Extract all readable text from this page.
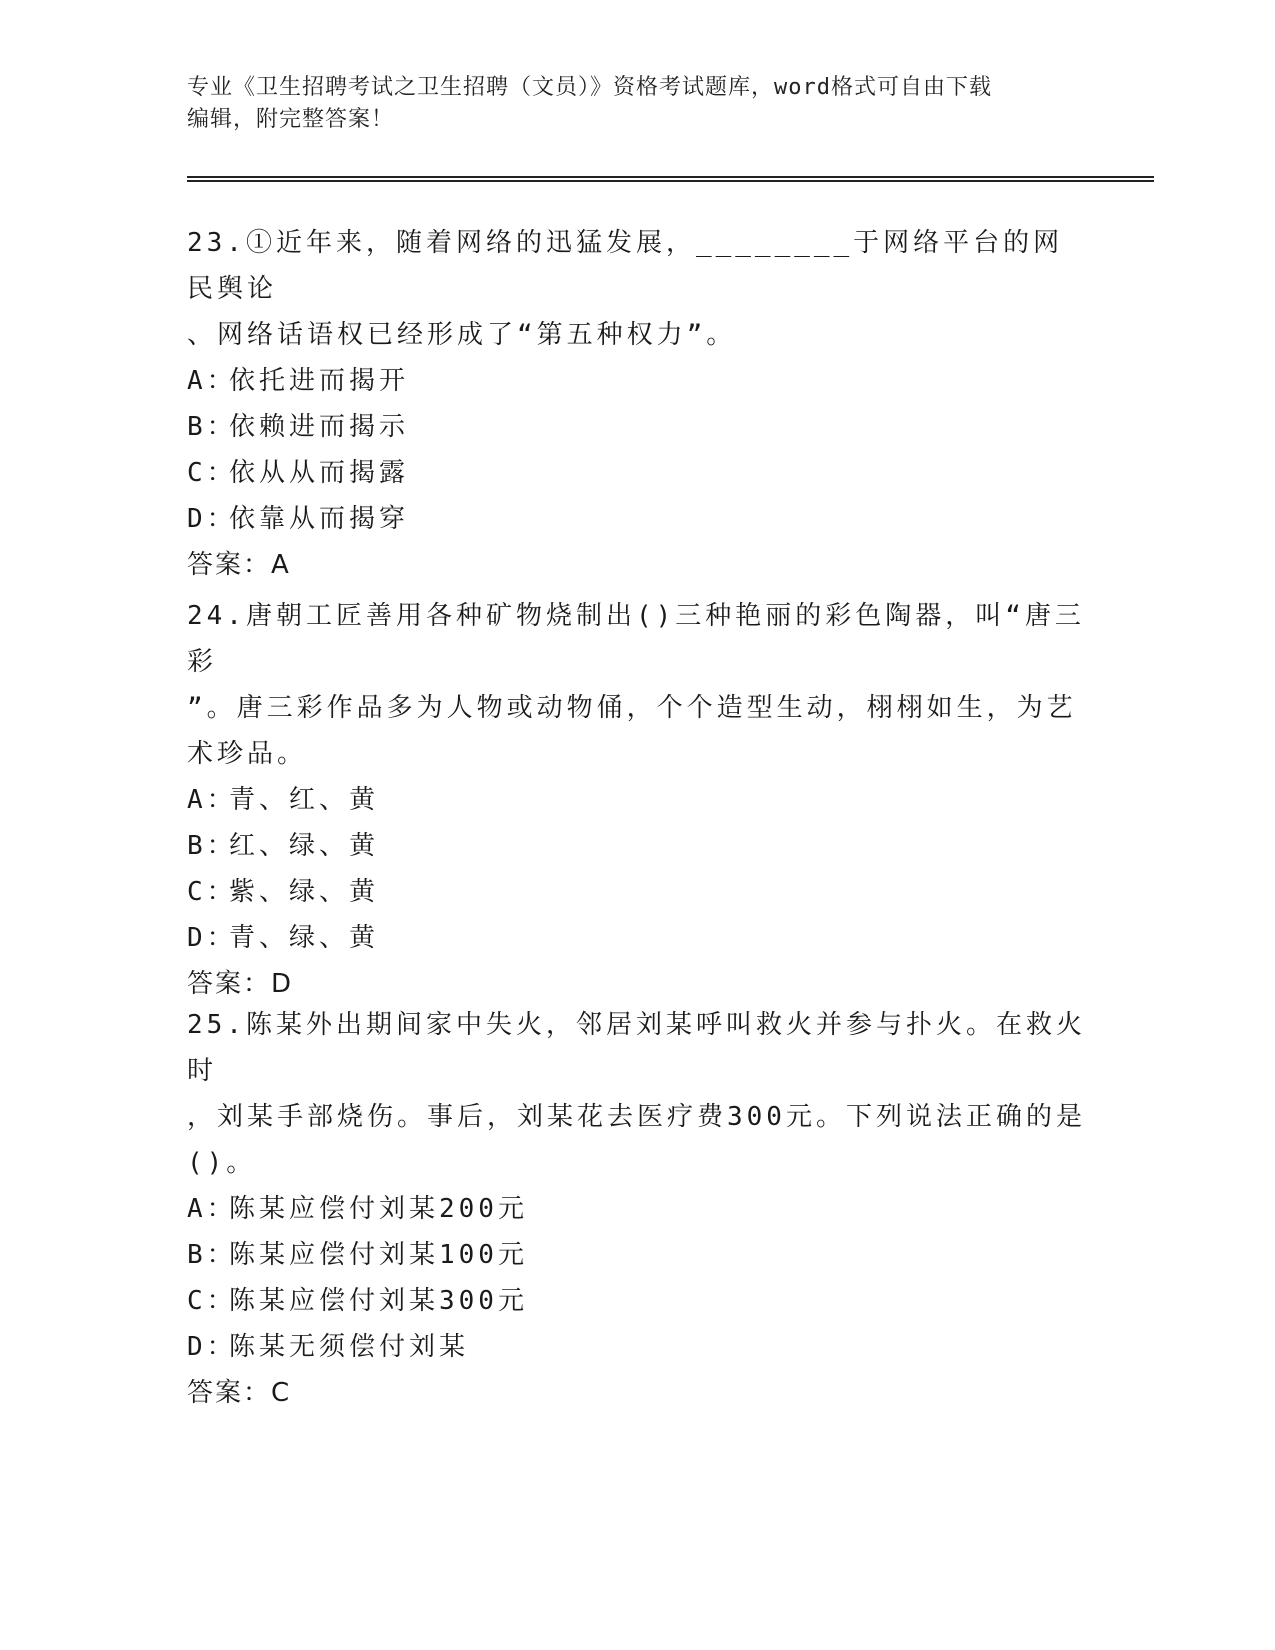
专业《卫生招聘考试之卫生招聘（文员）》资格考试题库，word格式可自由下载
编辑，附完整答案！

23.①近年来，随着网络的迅猛发展，________于网络平台的网民舆论

、网络话语权已经形成了“第五种权力”。

A：依托进而揭开

B：依赖进而揭示

C：依从从而揭露

D：依靠从而揭穿

答案：A

24.唐朝工匠善用各种矿物烧制出()三种艳丽的彩色陶器，叫“唐三彩

”。唐三彩作品多为人物或动物俑，个个造型生动，栩栩如生，为艺

术珍品。

A：青、红、黄

B：红、绿、黄

C：紫、绿、黄

D：青、绿、黄

答案：D

25.陈某外出期间家中失火，邻居刘某呼叫救火并参与扑火。在救火时

，刘某手部烧伤。事后，刘某花去医疗费300元。下列说法正确的是

()。

A：陈某应偿付刘某200元

B：陈某应偿付刘某100元

C：陈某应偿付刘某300元

D：陈某无须偿付刘某

答案：C
